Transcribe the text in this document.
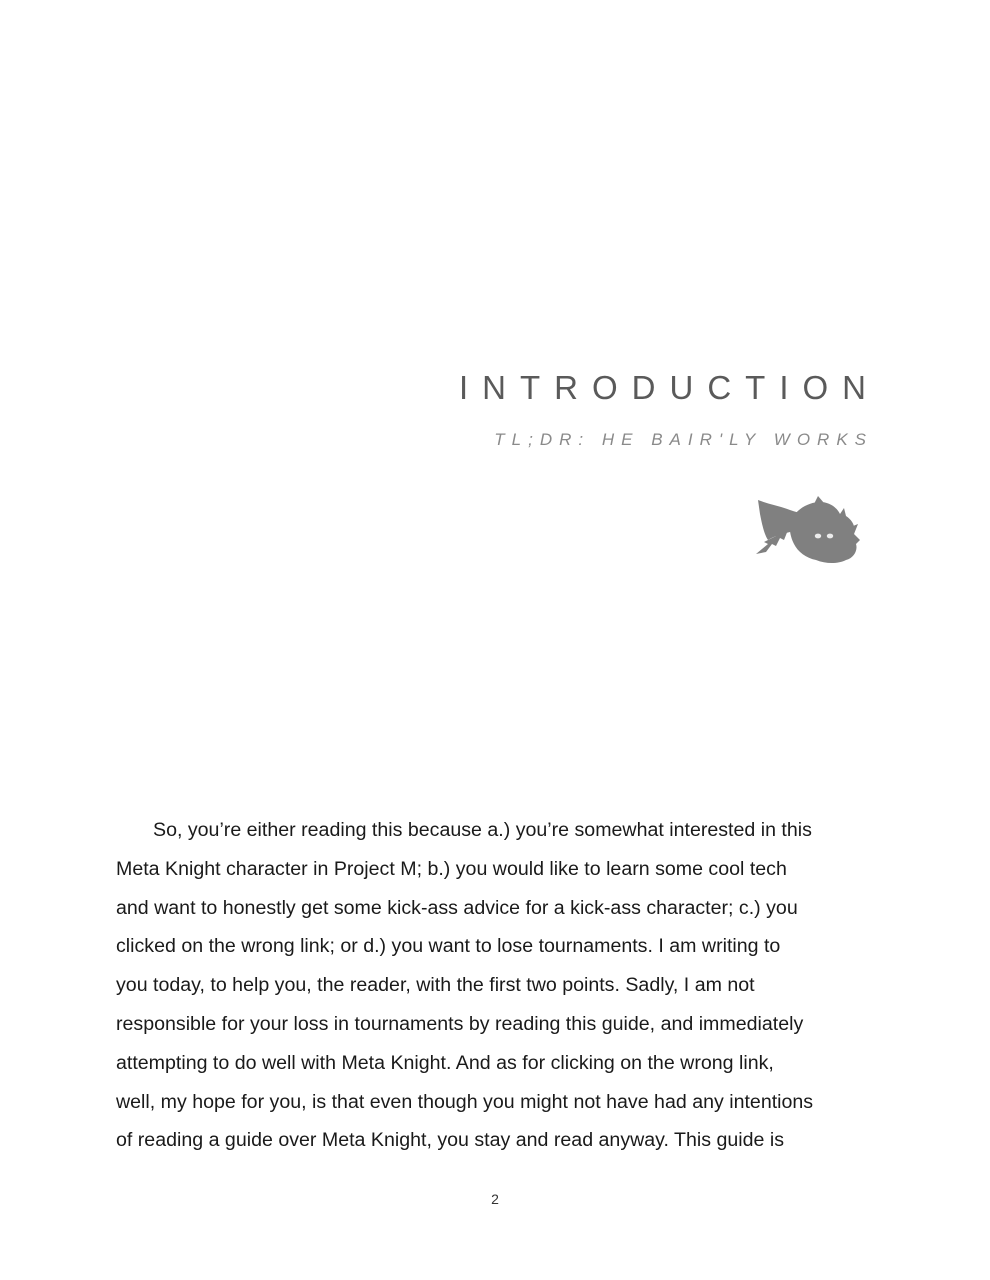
INTRODUCTION
TL;DR: HE BAIR'LY WORKS
So, you’re either reading this because a.) you’re somewhat interested in this
Meta Knight character in Project M; b.) you would like to learn some cool tech
and want to honestly get some kick-ass advice for a kick-ass character; c.) you
clicked on the wrong link; or d.) you want to lose tournaments. I am writing to
you today, to help you, the reader, with the first two points. Sadly, I am not
responsible for your loss in tournaments by reading this guide, and immediately
attempting to do well with Meta Knight. And as for clicking on the wrong link,
well, my hope for you, is that even though you might not have had any intentions
of reading a guide over Meta Knight, you stay and read anyway. This guide is
2
